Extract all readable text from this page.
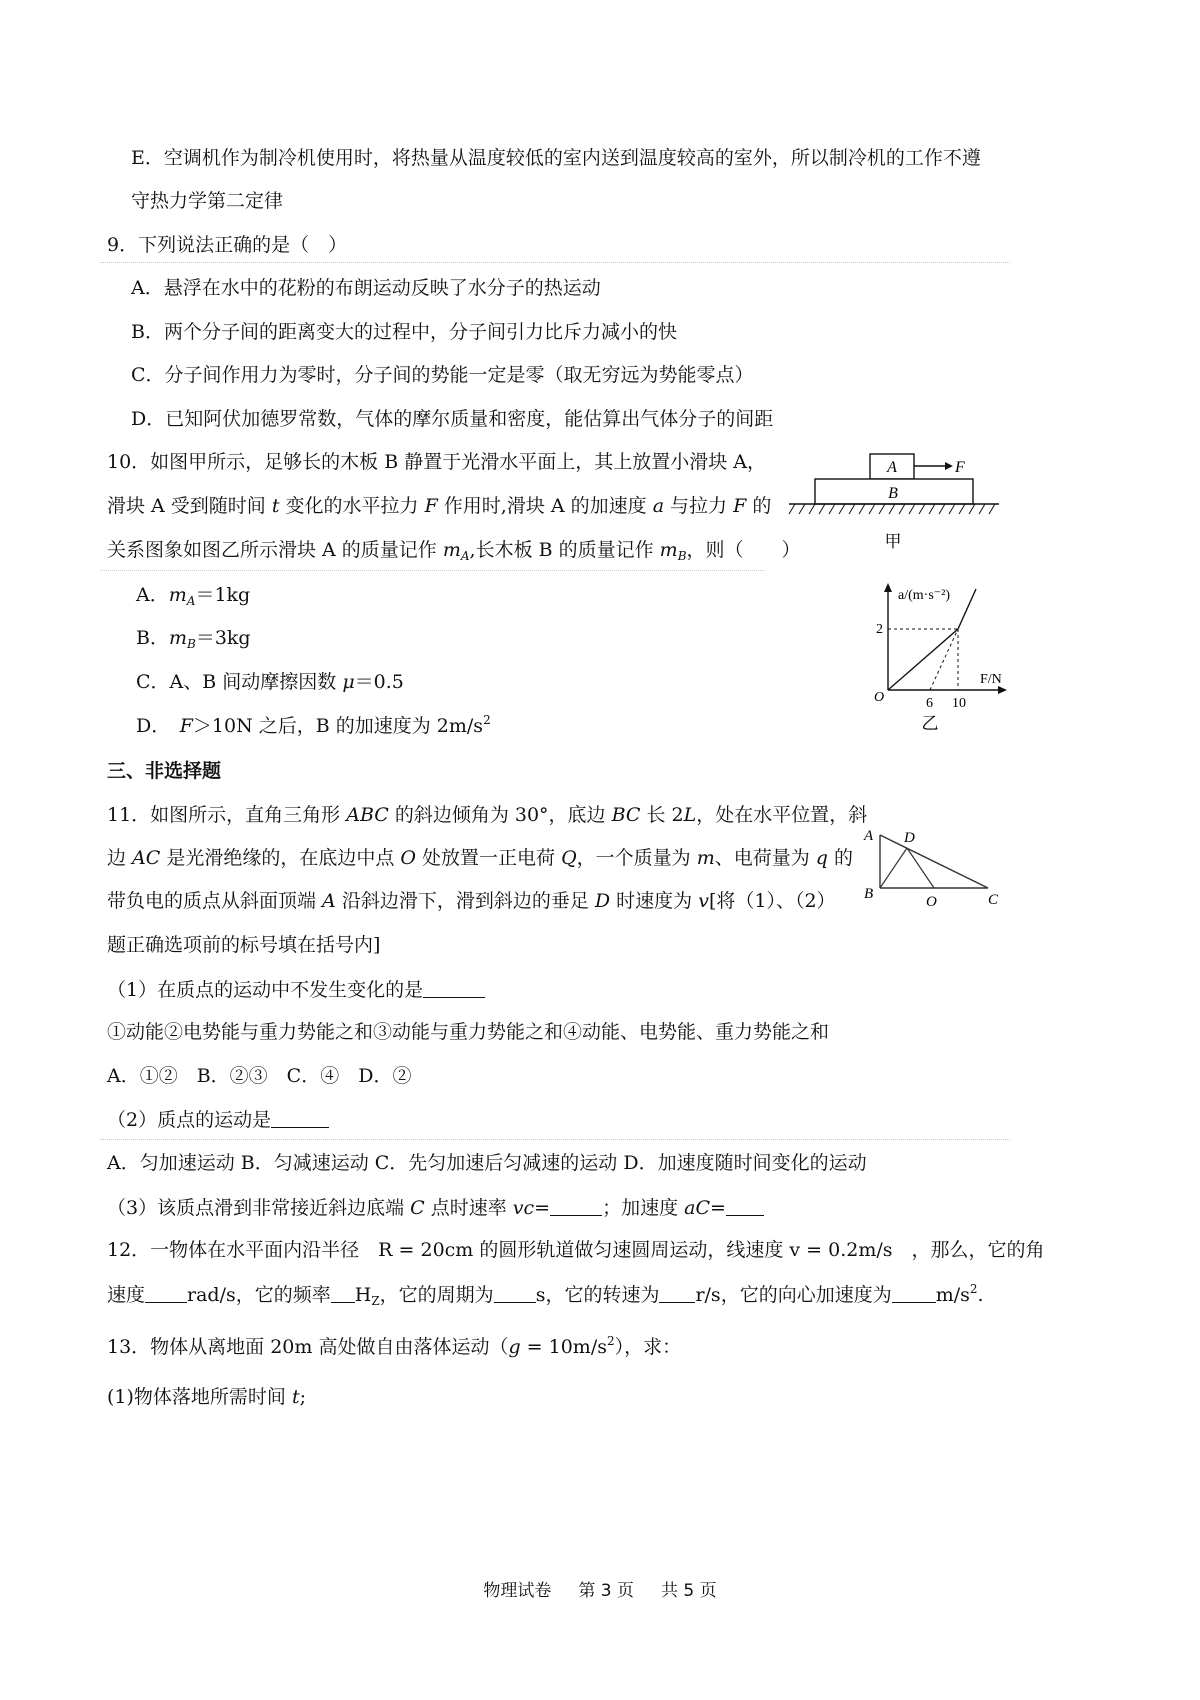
E．空调机作为制冷机使用时，将热量从温度较低的室内送到温度较高的室外，所以制冷机的工作不遵
守热力学第二定律
9．下列说法正确的是（　）
A．悬浮在水中的花粉的布朗运动反映了水分子的热运动
B．两个分子间的距离变大的过程中，分子间引力比斥力减小的快
C．分子间作用力为零时，分子间的势能一定是零（取无穷远为势能零点）
D．已知阿伏加德罗常数，气体的摩尔质量和密度，能估算出气体分子的间距
10．如图甲所示，足够长的木板 B 静置于光滑水平面上，其上放置小滑块 A，
滑块 A 受到随时间 t 变化的水平拉力 F 作用时,滑块 A 的加速度 a 与拉力 F 的
关系图象如图乙所示滑块 A 的质量记作 $m_A$,长木板 B 的质量记作 $m_B$，则（　　）
A．$m_A=1kg$
B．$m_B=3kg$
C．A、B 间动摩擦因数 μ＝0.5
D．　F＞10N 之后，B 的加速度为 $2m/s^2$
A	F
B
甲
a/(m·s⁻²)
F/N
O
2
6 10
乙
三、非选择题
11．如图所示，直角三角形 ABC 的斜边倾角为 30°，底边 BC 长 2L，处在水平位置，斜
边 AC 是光滑绝缘的，在底边中点 O 处放置一正电荷 Q，一个质量为 m、电荷量为 q 的
带负电的质点从斜面顶端 A 沿斜边滑下，滑到斜边的垂足 D 时速度为 v[将（1）、（2）
题正确选项前的标号填在括号内]
A D
B	O	C
（1）在质点的运动中不发生变化的是
①动能②电势能与重力势能之和③动能与重力势能之和④动能、电势能、重力势能之和
A．①②　B．②③　C．④　D．②
（2）质点的运动是
A．匀加速运动 B．匀减速运动 C．先匀加速后匀减速的运动 D．加速度随时间变化的运动
（3）该质点滑到非常接近斜边底端 C 点时速率 vc=	；加速度 aC=
12．一物体在水平面内沿半径　R = 20cm 的圆形轨道做匀速圆周运动，线速度 v = 0.2m/s　，那么，它的角
速度 rad/s，它的频率 $H_Z$，它的周期为 s，它的转速为 r/s，它的向心加速度为 $m/s^2$.
13．物体从离地面 20m 高处做自由落体运动$(g = 10m/s^2)$，求：
(1)物体落地所需时间 t;
物理试卷 第 3 页 共 5 页
